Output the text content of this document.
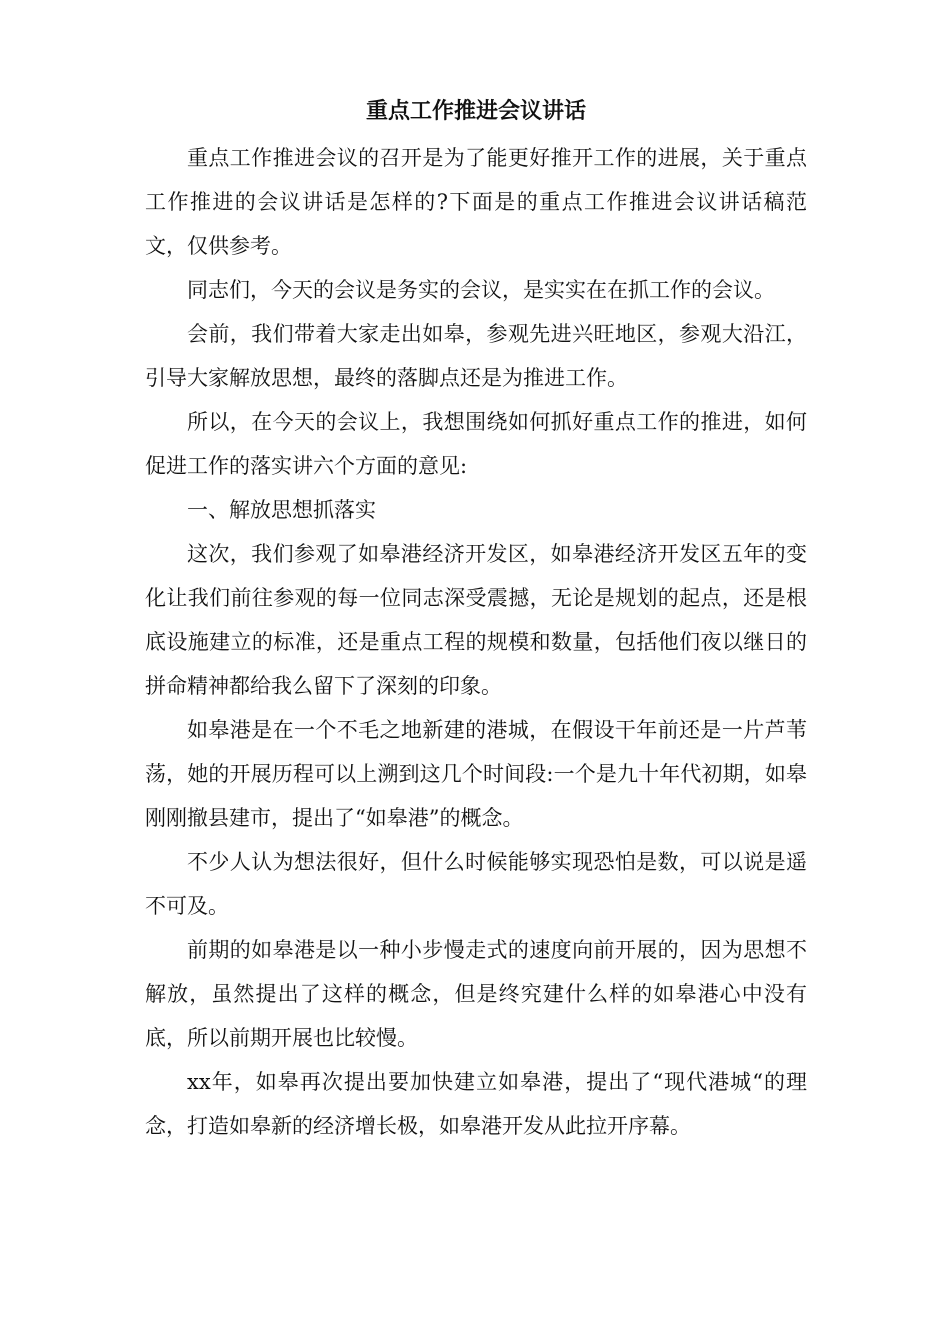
重点工作推进会议讲话

重点工作推进会议的召开是为了能更好推开工作的进展，关于重点工作推进的会议讲话是怎样的?下面是的重点工作推进会议讲话稿范文，仅供参考。

同志们，今天的会议是务实的会议，是实实在在抓工作的会议。

会前，我们带着大家走出如皋，参观先进兴旺地区，参观大沿江，引导大家解放思想，最终的落脚点还是为推进工作。

所以，在今天的会议上，我想围绕如何抓好重点工作的推进，如何促进工作的落实讲六个方面的意见:

一、解放思想抓落实

这次，我们参观了如皋港经济开发区，如皋港经济开发区五年的变化让我们前往参观的每一位同志深受震撼，无论是规划的起点，还是根底设施建立的标准，还是重点工程的规模和数量，包括他们夜以继日的拼命精神都给我么留下了深刻的印象。

如皋港是在一个不毛之地新建的港城，在假设干年前还是一片芦苇荡，她的开展历程可以上溯到这几个时间段:一个是九十年代初期，如皋刚刚撤县建市，提出了“如皋港”的概念。

不少人认为想法很好，但什么时候能够实现恐怕是数，可以说是遥不可及。

前期的如皋港是以一种小步慢走式的速度向前开展的，因为思想不解放，虽然提出了这样的概念，但是终究建什么样的如皋港心中没有底，所以前期开展也比较慢。

xx年，如皋再次提出要加快建立如皋港，提出了“现代港城“的理念，打造如皋新的经济增长极，如皋港开发从此拉开序幕。
